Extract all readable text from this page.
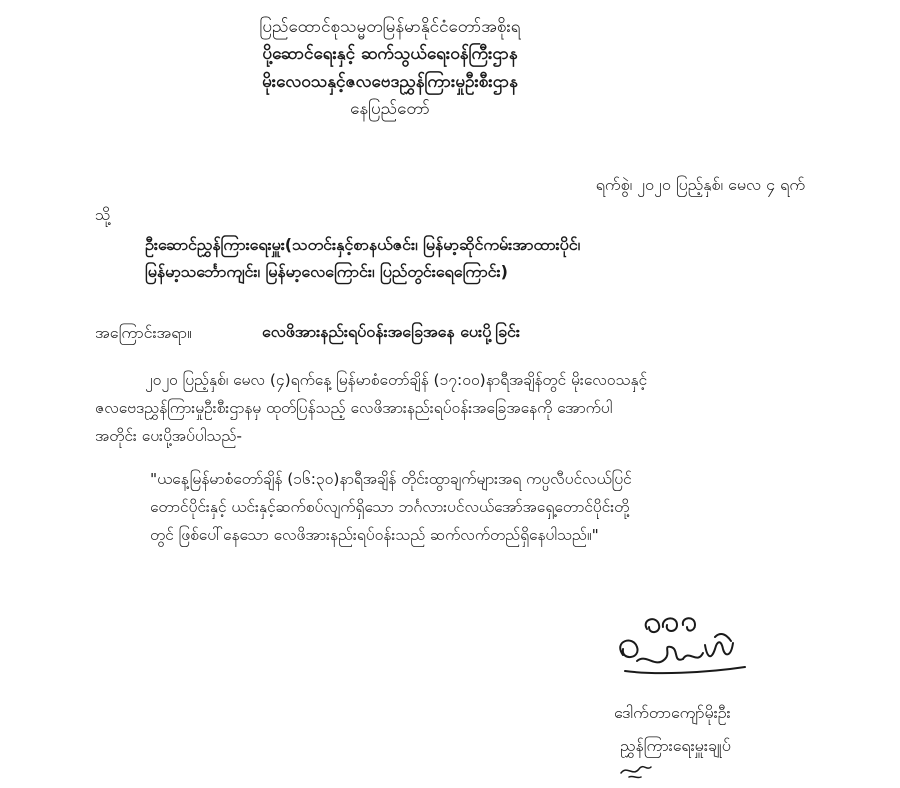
ပြည်ထောင်စုသမ္မတမြန်မာနိုင်ငံတော်အစိုးရ
ပို့ဆောင်ရေးနှင့် ဆက်သွယ်ရေးဝန်ကြီးဌာန
မိုးလေဝသနှင့်ဇလဗေဒညွှန်ကြားမှုဦးစီးဌာန
နေပြည်တော်
ရက်စွဲ၊ ၂၀၂၀ ပြည့်နှစ်၊ မေလ ၄ ရက်
သို့
ဦးဆောင်ညွှန်ကြားရေးမှူး(သတင်းနှင့်စာနယ်ဇင်း၊ မြန်မာ့ဆိုင်ကမ်းအာထားပိုင်၊
မြန်မာ့သင်္ဘောကျင်း၊ မြန်မာ့လေကြောင်း၊ ပြည်တွင်းရေကြောင်း)
အကြောင်းအရာ။	လေဖိအားနည်းရပ်ဝန်းအခြေအနေ ပေးပို့ခြင်း
၂၀၂၀ ပြည့်နှစ်၊ မေလ (၄)ရက်နေ့ မြန်မာစံတော်ချိန် (၁၇:၀၀)နာရီအချိန်တွင် မိုးလေဝသနှင့်
ဇလဗေဒညွှန်ကြားမှုဦးစီးဌာနမှ ထုတ်ပြန်သည့် လေဖိအားနည်းရပ်ဝန်းအခြေအနေကို အောက်ပါ
အတိုင်း ပေးပို့အပ်ပါသည်-
"ယနေ့မြန်မာစံတော်ချိန် (၁၆:၃၀)နာရီအချိန် တိုင်းထွာချက်များအရ ကပ္ပလီပင်လယ်ပြင်
တောင်ပိုင်းနှင့် ယင်းနှင့်ဆက်စပ်လျက်ရှိသော ဘင်္ဂလားပင်လယ်အော်အရှေ့တောင်ပိုင်းတို့
တွင် ဖြစ်ပေါ်နေသော လေဖိအားနည်းရပ်ဝန်းသည် ဆက်လက်တည်ရှိနေပါသည်။"
ဒေါက်တာကျော်မိုးဦး
ညွှန်ကြားရေးမှူးချုပ်
